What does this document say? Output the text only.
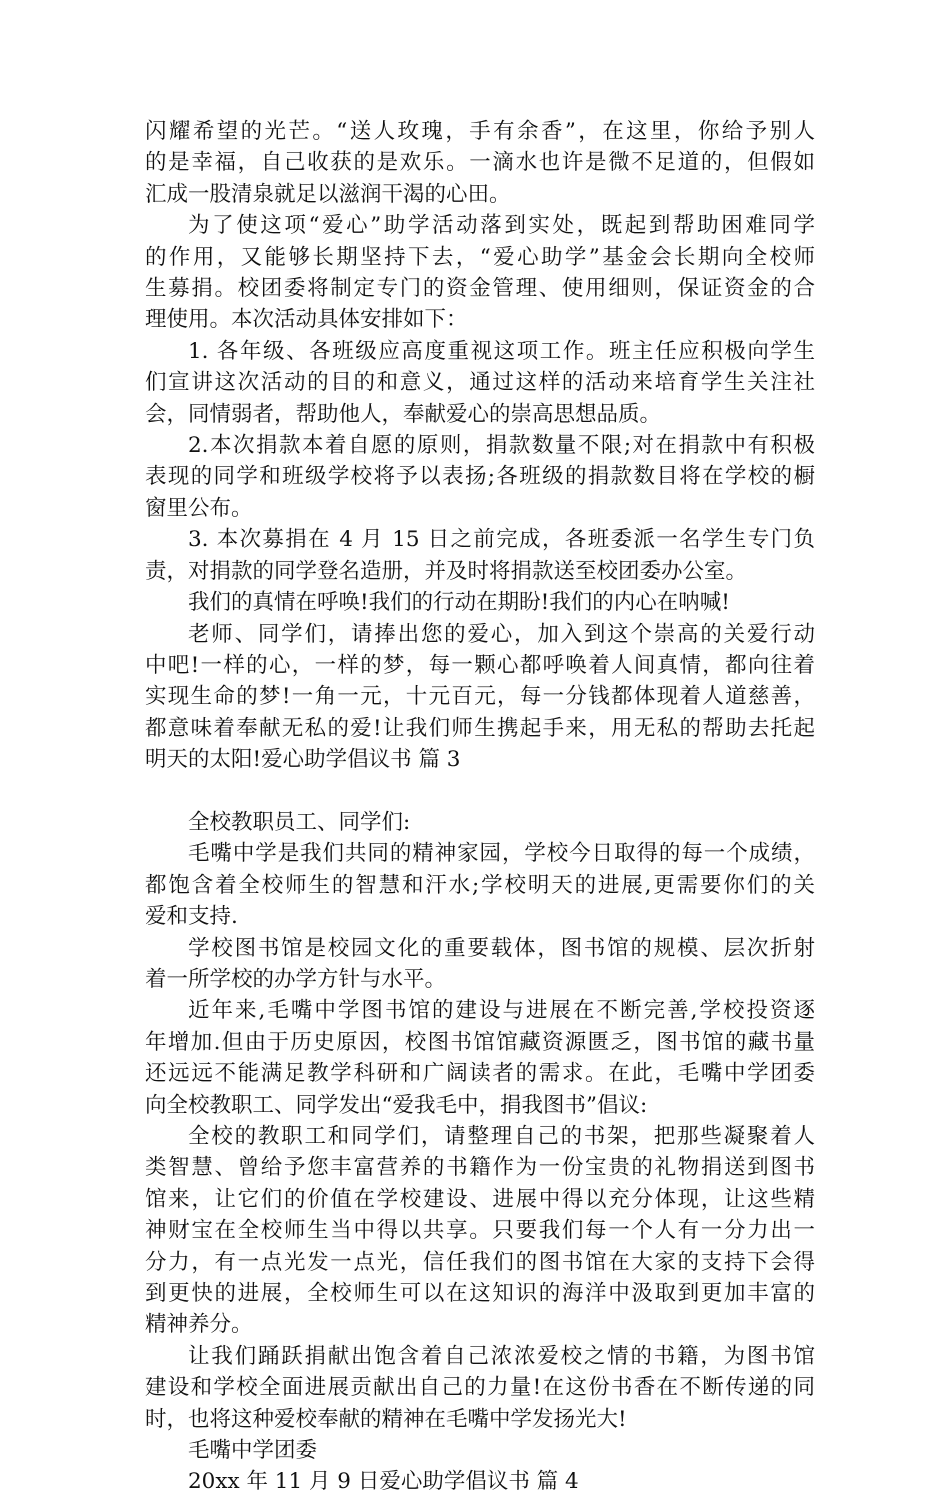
闪耀希望的光芒。“送人玫瑰，手有余香”，在这里，你给予别人
的是幸福，自己收获的是欢乐。一滴水也许是微不足道的，但假如
汇成一股清泉就足以滋润干渴的心田。

为了使这项“爱心”助学活动落到实处，既起到帮助困难同学
的作用，又能够长期坚持下去，“爱心助学”基金会长期向全校师
生募捐。校团委将制定专门的资金管理、使用细则，保证资金的合
理使用。本次活动具体安排如下：

1. 各年级、各班级应高度重视这项工作。班主任应积极向学生
们宣讲这次活动的目的和意义，通过这样的活动来培育学生关注社
会，同情弱者，帮助他人，奉献爱心的崇高思想品质。

2.本次捐款本着自愿的原则，捐款数量不限;对在捐款中有积极
表现的同学和班级学校将予以表扬;各班级的捐款数目将在学校的橱
窗里公布。

3. 本次募捐在 4 月 15 日之前完成，各班委派一名学生专门负
责，对捐款的同学登名造册，并及时将捐款送至校团委办公室。

我们的真情在呼唤!我们的行动在期盼!我们的内心在呐喊!

老师、同学们，请捧出您的爱心，加入到这个崇高的关爱行动
中吧!一样的心，一样的梦，每一颗心都呼唤着人间真情，都向往着
实现生命的梦!一角一元，十元百元，每一分钱都体现着人道慈善，
都意味着奉献无私的爱!让我们师生携起手来，用无私的帮助去托起
明天的太阳!爱心助学倡议书 篇 3

全校教职员工、同学们:

毛嘴中学是我们共同的精神家园，学校今日取得的每一个成绩，
都饱含着全校师生的智慧和汗水;学校明天的进展,更需要你们的关
爱和支持.

学校图书馆是校园文化的重要载体，图书馆的规模、层次折射
着一所学校的办学方针与水平。

近年来,毛嘴中学图书馆的建设与进展在不断完善,学校投资逐
年增加.但由于历史原因，校图书馆馆藏资源匮乏，图书馆的藏书量
还远远不能满足教学科研和广阔读者的需求。在此，毛嘴中学团委
向全校教职工、同学发出“爱我毛中，捐我图书”倡议:

全校的教职工和同学们，请整理自己的书架，把那些凝聚着人
类智慧、曾给予您丰富营养的书籍作为一份宝贵的礼物捐送到图书
馆来，让它们的价值在学校建设、进展中得以充分体现，让这些精
神财宝在全校师生当中得以共享。只要我们每一个人有一分力出一
分力，有一点光发一点光，信任我们的图书馆在大家的支持下会得
到更快的进展，全校师生可以在这知识的海洋中汲取到更加丰富的
精神养分。

让我们踊跃捐献出饱含着自己浓浓爱校之情的书籍，为图书馆
建设和学校全面进展贡献出自己的力量!在这份书香在不断传递的同
时，也将这种爱校奉献的精神在毛嘴中学发扬光大!

毛嘴中学团委

20xx 年 11 月 9 日爱心助学倡议书 篇 4
